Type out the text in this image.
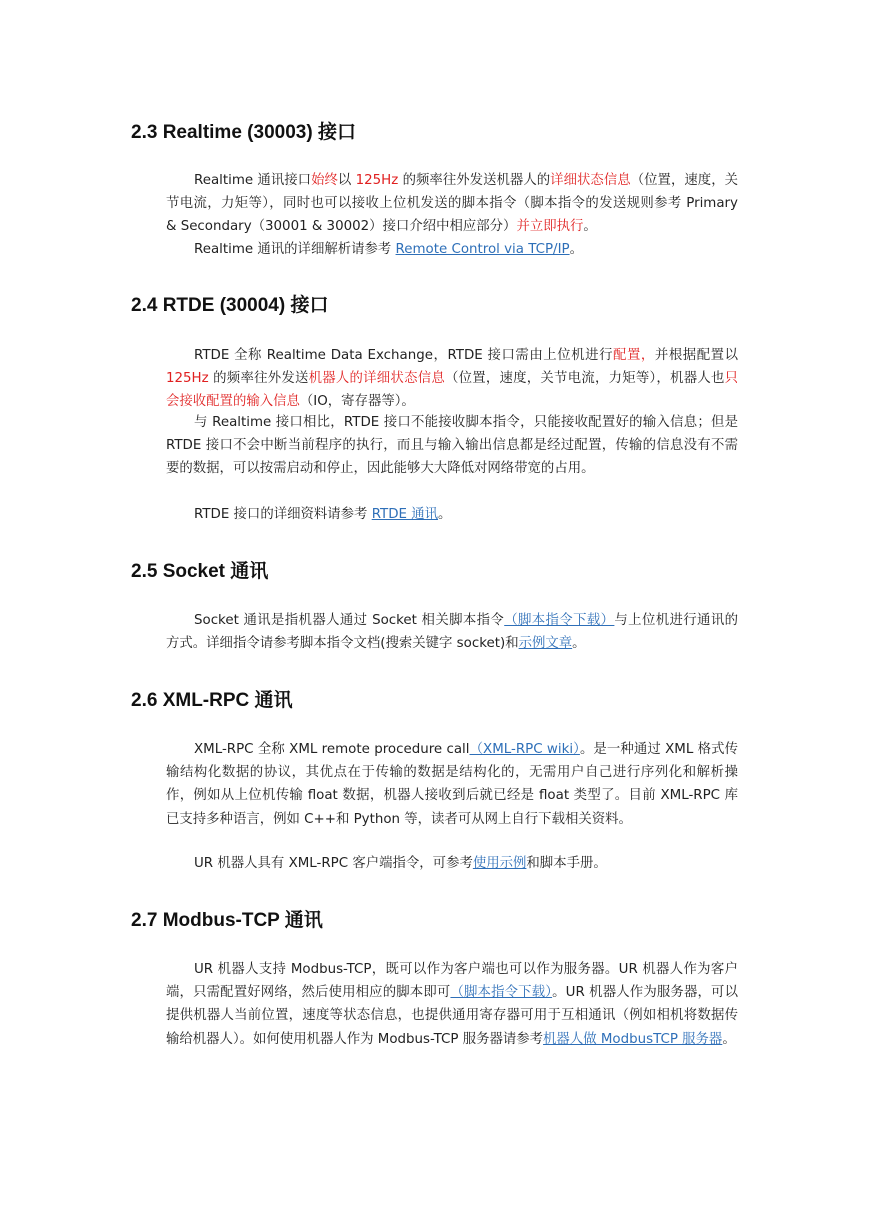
2.3 Realtime (30003) 接口

Realtime 通讯接口始终以 125Hz 的频率往外发送机器人的详细状态信息（位置，速度，关节电流，力矩等），同时也可以接收上位机发送的脚本指令（脚本指令的发送规则参考 Primary & Secondary（30001 & 30002）接口介绍中相应部分）并立即执行。

Realtime 通讯的详细解析请参考 Remote Control via TCP/IP。

2.4 RTDE (30004) 接口

RTDE 全称 Realtime Data Exchange，RTDE 接口需由上位机进行配置，并根据配置以 125Hz 的频率往外发送机器人的详细状态信息（位置，速度，关节电流，力矩等），机器人也只会接收配置的输入信息（IO，寄存器等）。

与 Realtime 接口相比，RTDE 接口不能接收脚本指令，只能接收配置好的输入信息；但是 RTDE 接口不会中断当前程序的执行，而且与输入输出信息都是经过配置，传输的信息没有不需要的数据，可以按需启动和停止，因此能够大大降低对网络带宽的占用。

RTDE 接口的详细资料请参考 RTDE 通讯。

2.5 Socket 通讯

Socket 通讯是指机器人通过 Socket 相关脚本指令（脚本指令下载）与上位机进行通讯的方式。详细指令请参考脚本指令文档(搜索关键字 socket)和示例文章。

2.6 XML-RPC 通讯

XML-RPC 全称 XML remote procedure call（XML-RPC wiki）。是一种通过 XML 格式传输结构化数据的协议，其优点在于传输的数据是结构化的，无需用户自己进行序列化和解析操作，例如从上位机传输 float 数据，机器人接收到后就已经是 float 类型了。目前 XML-RPC 库已支持多种语言，例如 C++和 Python 等，读者可从网上自行下载相关资料。

UR 机器人具有 XML-RPC 客户端指令，可参考使用示例和脚本手册。

2.7 Modbus-TCP 通讯

UR 机器人支持 Modbus-TCP，既可以作为客户端也可以作为服务器。UR 机器人作为客户端，只需配置好网络，然后使用相应的脚本即可（脚本指令下载）。UR 机器人作为服务器，可以提供机器人当前位置，速度等状态信息，也提供通用寄存器可用于互相通讯（例如相机将数据传输给机器人）。如何使用机器人作为 Modbus-TCP 服务器请参考机器人做 ModbusTCP 服务器。
